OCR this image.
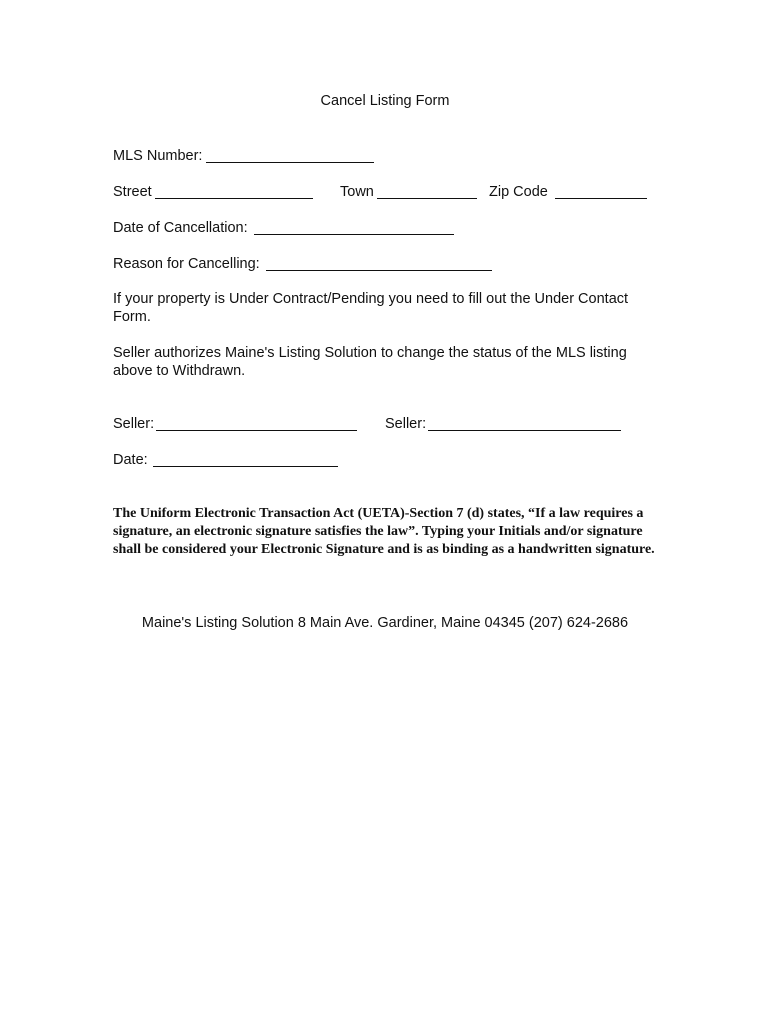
Cancel Listing Form
MLS Number:
Street	Town	Zip Code
Date of Cancellation:
Reason for Cancelling:
If your property is Under Contract/Pending you need to fill out the Under Contact Form.
Seller authorizes Maine's Listing Solution to change the status of the MLS listing above to Withdrawn.
Seller:	Seller:
Date:
The Uniform Electronic Transaction Act (UETA)-Section 7 (d) states, “If a law requires a signature, an electronic signature satisfies the law”. Typing your Initials and/or signature shall be considered your Electronic Signature and is as binding as a handwritten signature.
Maine's Listing Solution 8 Main Ave. Gardiner, Maine 04345 (207) 624-2686
